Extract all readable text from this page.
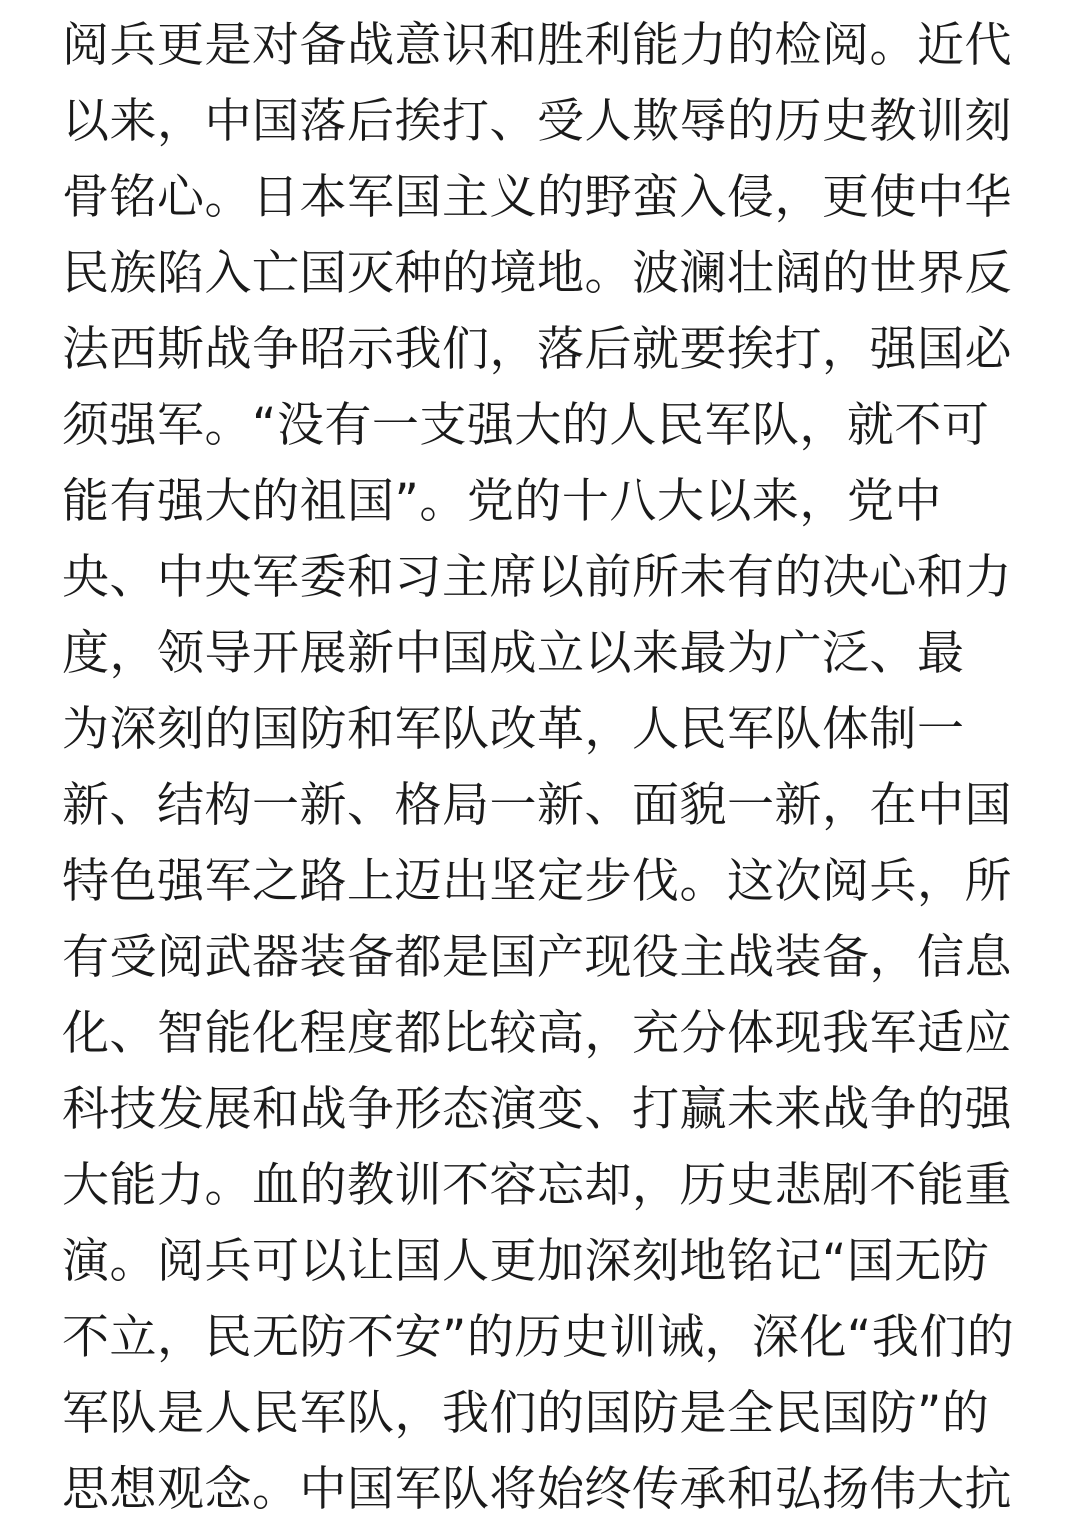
阅兵更是对备战意识和胜利能力的检阅。近代
以来，中国落后挨打、受人欺辱的历史教训刻
骨铭心。日本军国主义的野蛮入侵，更使中华
民族陷入亡国灭种的境地。波澜壮阔的世界反
法西斯战争昭示我们，落后就要挨打，强国必
须强军。“没有一支强大的人民军队，就不可
能有强大的祖国”。党的十八大以来，党中
央、中央军委和习主席以前所未有的决心和力
度，领导开展新中国成立以来最为广泛、最
为深刻的国防和军队改革，人民军队体制一
新、结构一新、格局一新、面貌一新，在中国
特色强军之路上迈出坚定步伐。这次阅兵，所
有受阅武器装备都是国产现役主战装备，信息
化、智能化程度都比较高，充分体现我军适应
科技发展和战争形态演变、打赢未来战争的强
大能力。血的教训不容忘却，历史悲剧不能重
演。阅兵可以让国人更加深刻地铭记“国无防
不立，民无防不安”的历史训诫，深化“我们的
军队是人民军队，我们的国防是全民国防”的
思想观念。中国军队将始终传承和弘扬伟大抗
